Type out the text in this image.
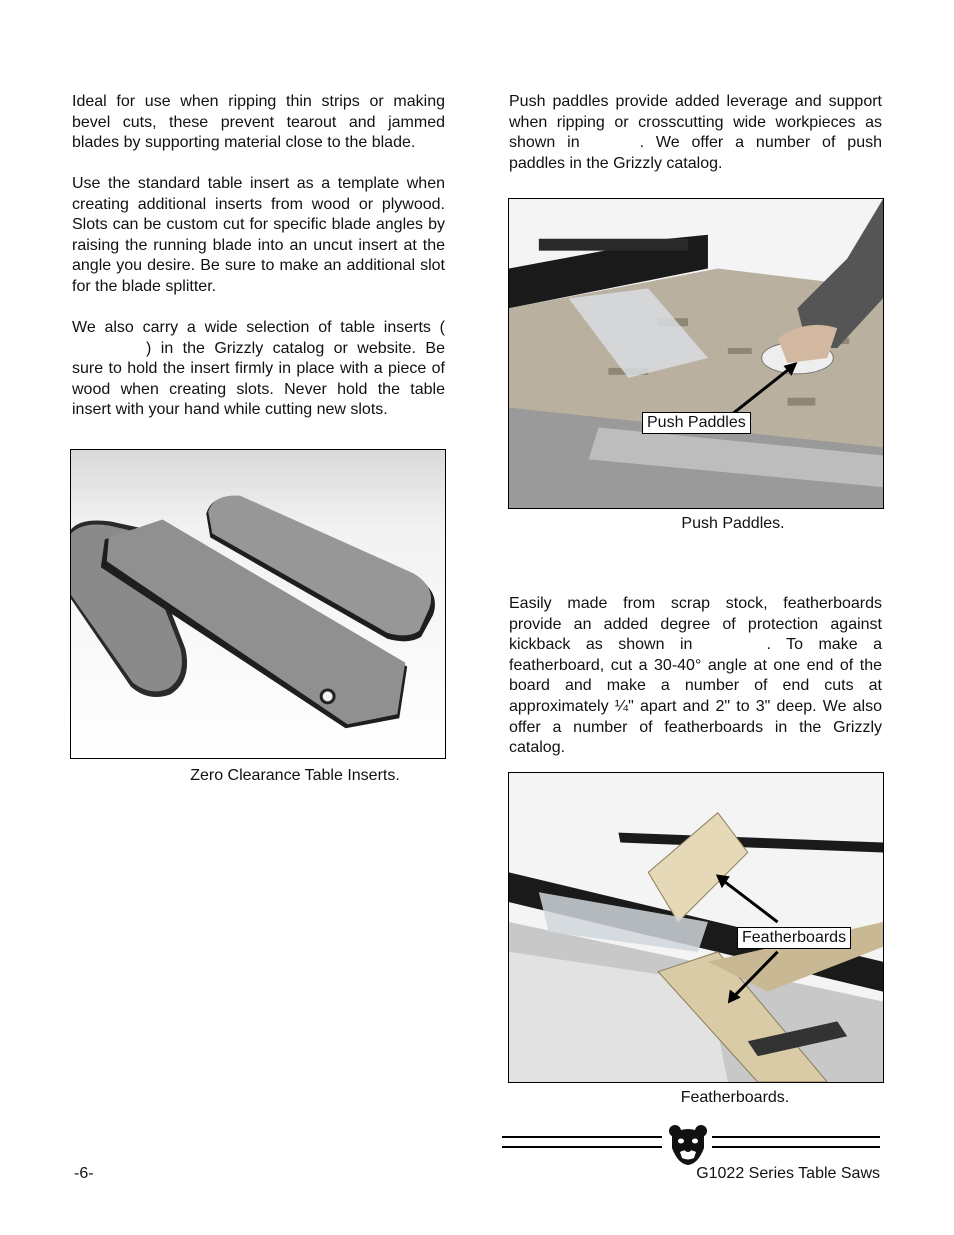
Ideal for use when ripping thin strips or making bevel cuts, these prevent tearout and jammed blades by supporting material close to the blade.

Use the standard table insert as a template when creating additional inserts from wood or plywood. Slots can be custom cut for specific blade angles by raising the running blade into an uncut insert at the angle you desire. Be sure to make an additional slot for the blade splitter.

We also carry a wide selection of table inserts () in the Grizzly catalog or website. Be sure to hold the insert firmly in place with a piece of wood when creating slots. Never hold the table insert with your hand while cutting new slots.

Zero Clearance Table Inserts.

Push paddles provide added leverage and support when ripping or crosscutting wide workpieces as shown in	. We offer a number of push paddles in the Grizzly catalog.

Push Paddles
Push Paddles.

Easily made from scrap stock, featherboards provide an added degree of protection against kickback as shown in	. To make a featherboard, cut a 30-40° angle at one end of the board and make a number of end cuts at approximately ¼" apart and 2" to 3" deep. We also offer a number of featherboards in the Grizzly catalog.

Featherboards
Featherboards.
-6-	G1022 Series Table Saws
